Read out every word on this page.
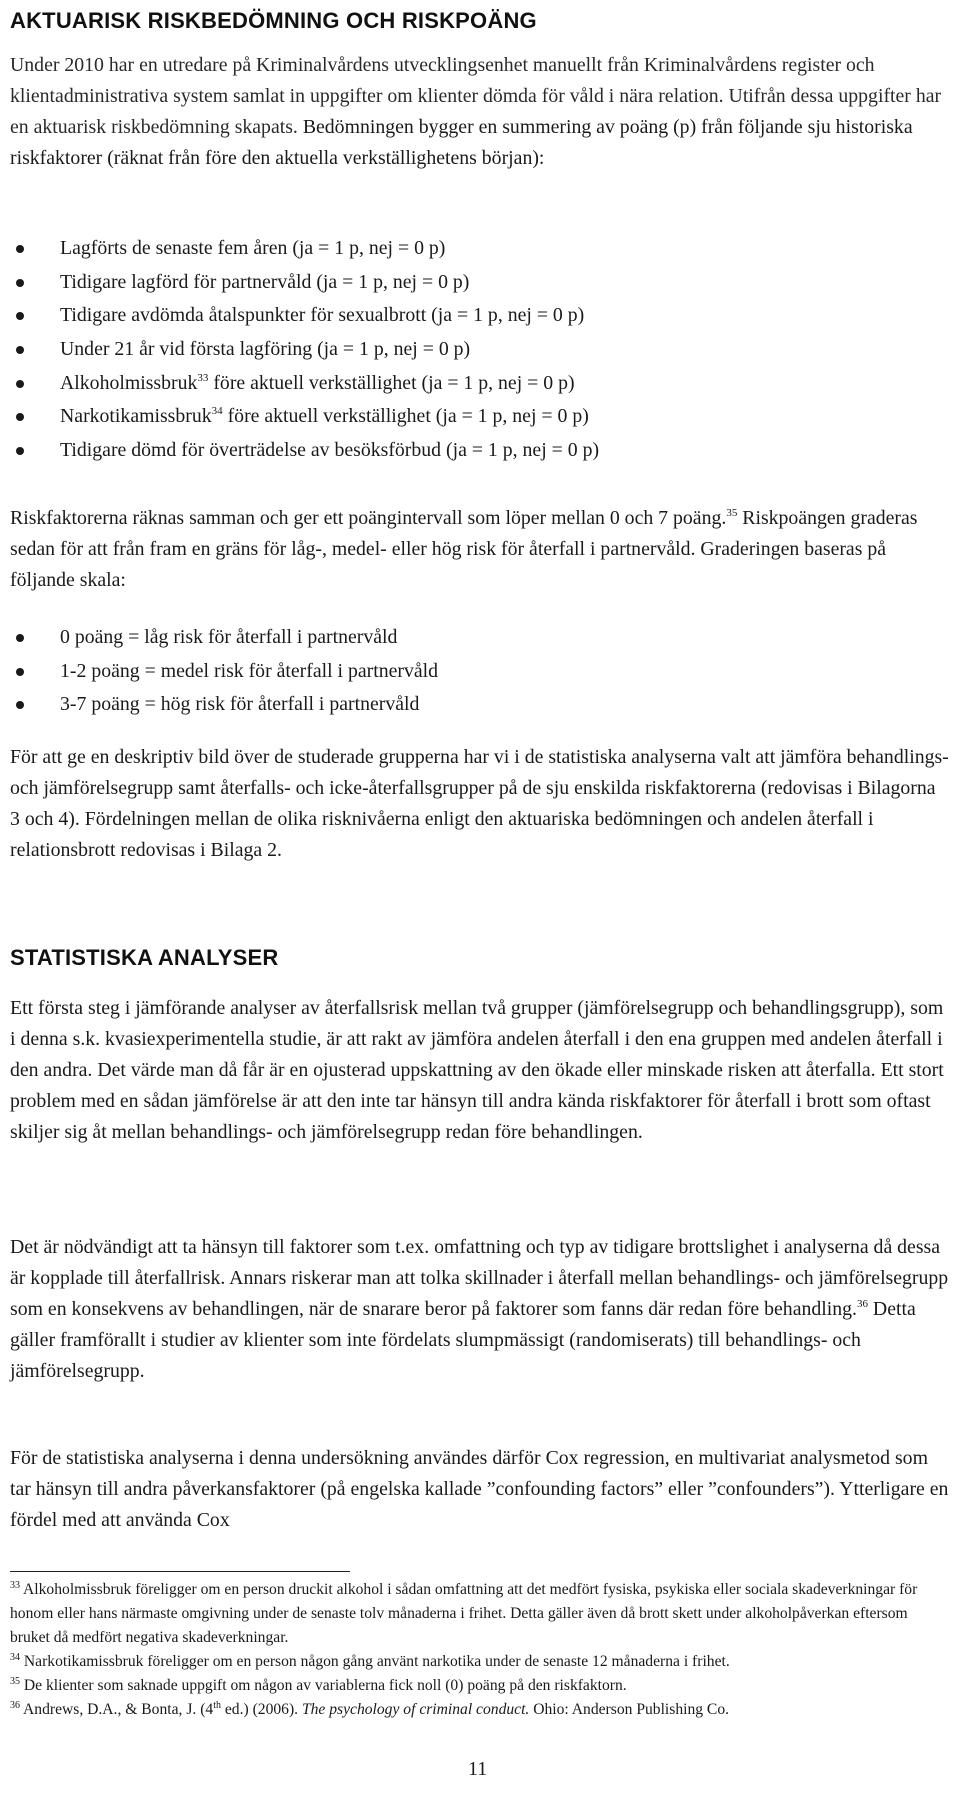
AKTUARISK RISKBEDÖMNING OCH RISKPOÄNG

Under 2010 har en utredare på Kriminalvårdens utvecklingsenhet manuellt från Kriminalvårdens register och klientadministrativa system samlat in uppgifter om klienter dömda för våld i nära relation. Utifrån dessa uppgifter har en aktuarisk riskbedömning skapats. Bedömningen bygger en summering av poäng (p) från följande sju historiska riskfaktorer (räknat från före den aktuella verkställighetens början):

Lagförts de senaste fem åren (ja = 1 p, nej = 0 p)
Tidigare lagförd för partnervåld (ja = 1 p, nej = 0 p)
Tidigare avdömda åtalspunkter för sexualbrott (ja = 1 p, nej = 0 p)
Under 21 år vid första lagföring (ja = 1 p, nej = 0 p)
Alkoholmissbruk$^{33}$ före aktuell verkställighet (ja = 1 p, nej = 0 p)
Narkotikamissbruk$^{34}$ före aktuell verkställighet (ja = 1 p, nej = 0 p)
Tidigare dömd för överträdelse av besöksförbud (ja = 1 p, nej = 0 p)

Riskfaktorerna räknas samman och ger ett poängintervall som löper mellan 0 och 7 poäng.$^{35}$ Riskpoängen graderas sedan för att från fram en gräns för låg-, medel- eller hög risk för återfall i partnervåld. Graderingen baseras på följande skala:

0 poäng = låg risk för återfall i partnervåld
1-2 poäng = medel risk för återfall i partnervåld
3-7 poäng = hög risk för återfall i partnervåld

För att ge en deskriptiv bild över de studerade grupperna har vi i de statistiska analyserna valt att jämföra behandlings- och jämförelsegrupp samt återfalls- och icke-återfallsgrupper på de sju enskilda riskfaktorerna (redovisas i Bilagorna 3 och 4). Fördelningen mellan de olika risknivåerna enligt den aktuariska bedömningen och andelen återfall i relationsbrott redovisas i Bilaga 2.

STATISTISKA ANALYSER

Ett första steg i jämförande analyser av återfallsrisk mellan två grupper (jämförelsegrupp och behandlingsgrupp), som i denna s.k. kvasiexperimentella studie, är att rakt av jämföra andelen återfall i den ena gruppen med andelen återfall i den andra. Det värde man då får är en ojusterad uppskattning av den ökade eller minskade risken att återfalla. Ett stort problem med en sådan jämförelse är att den inte tar hänsyn till andra kända riskfaktorer för återfall i brott som oftast skiljer sig åt mellan behandlings- och jämförelsegrupp redan före behandlingen.

Det är nödvändigt att ta hänsyn till faktorer som t.ex. omfattning och typ av tidigare brottslighet i analyserna då dessa är kopplade till återfallrisk. Annars riskerar man att tolka skillnader i återfall mellan behandlings- och jämförelsegrupp som en konsekvens av behandlingen, när de snarare beror på faktorer som fanns där redan före behandling.$^{36}$ Detta gäller framförallt i studier av klienter som inte fördelats slumpmässigt (randomiserats) till behandlings- och jämförelsegrupp.

För de statistiska analyserna i denna undersökning användes därför Cox regression, en multivariat analysmetod som tar hänsyn till andra påverkansfaktorer (på engelska kallade ”confounding factors” eller ”confounders”). Ytterligare en fördel med att använda Cox

$^{33}$ Alkoholmissbruk föreligger om en person druckit alkohol i sådan omfattning att det medfört fysiska, psykiska eller sociala skadeverkningar för honom eller hans närmaste omgivning under de senaste tolv månaderna i frihet. Detta gäller även då brott skett under alkoholpåverkan eftersom bruket då medfört negativa skadeverkningar.

$^{34}$ Narkotikamissbruk föreligger om en person någon gång använt narkotika under de senaste 12 månaderna i frihet.

$^{35}$ De klienter som saknade uppgift om någon av variablerna fick noll (0) poäng på den riskfaktorn.

$^{36}$ Andrews, D.A., & Bonta, J. (4th ed.) (2006). The psychology of criminal conduct. Ohio: Anderson Publishing Co.

11
